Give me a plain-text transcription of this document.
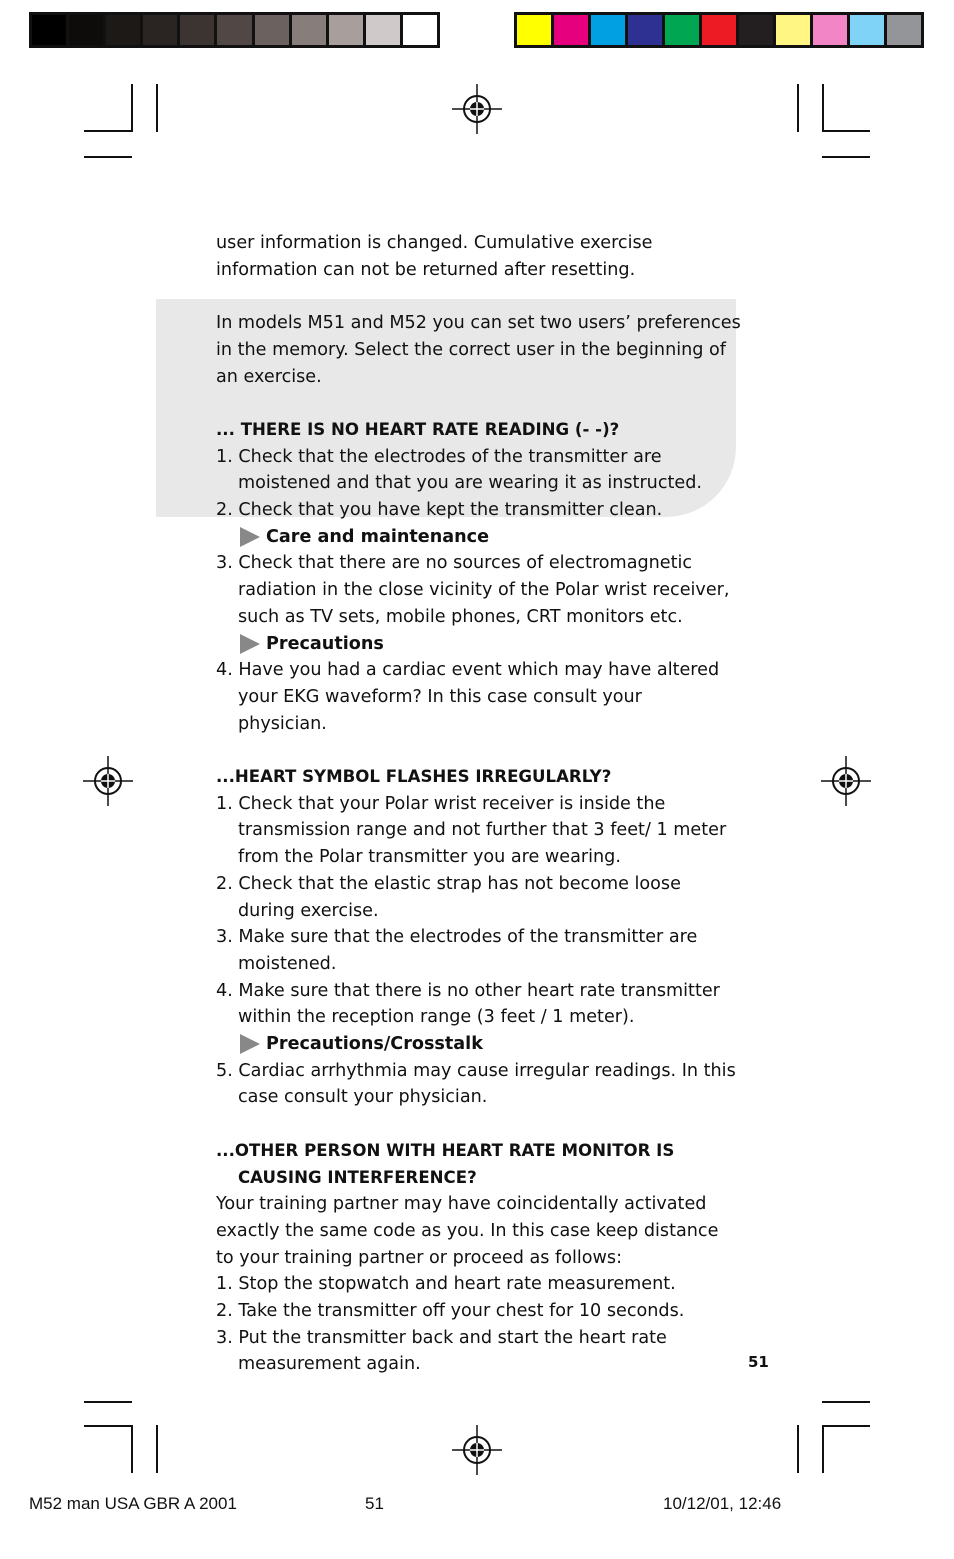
user information is changed. Cumulative exercise

information can not be returned after resetting.

In models M51 and M52 you can set two users’ preferences

in the memory. Select the correct user in the beginning of

an exercise.

... THERE IS NO HEART RATE READING (- -)?

1. Check that the electrodes of the transmitter are moistened and that you are wearing it as instructed.

2. Check that you have kept the transmitter clean.

Care and maintenance

3. Check that there are no sources of electromagnetic radiation in the close vicinity of the Polar wrist receiver, such as TV sets, mobile phones, CRT monitors etc.

Precautions

4. Have you had a cardiac event which may have altered your EKG waveform? In this case consult your physician.

...HEART SYMBOL FLASHES IRREGULARLY?

1. Check that your Polar wrist receiver is inside the transmission range and not further that 3 feet/ 1 meter from the Polar transmitter you are wearing.

2. Check that the elastic strap has not become loose during exercise.

3. Make sure that the electrodes of the transmitter are moistened.

4. Make sure that there is no other heart rate transmitter within the reception range (3 feet / 1 meter).

Precautions/Crosstalk

5. Cardiac arrhythmia may cause irregular readings. In this case consult your physician.

...OTHER PERSON WITH HEART RATE MONITOR IS CAUSING INTERFERENCE?

Your training partner may have coincidentally activated exactly the same code as you. In this case keep distance to your training partner or proceed as follows:

1. Stop the stopwatch and heart rate measurement.

2. Take the transmitter off your chest for 10 seconds.

3. Put the transmitter back and start the heart rate measurement again.	51
M52 man USA GBR A 2001	51	10/12/01, 12:46
